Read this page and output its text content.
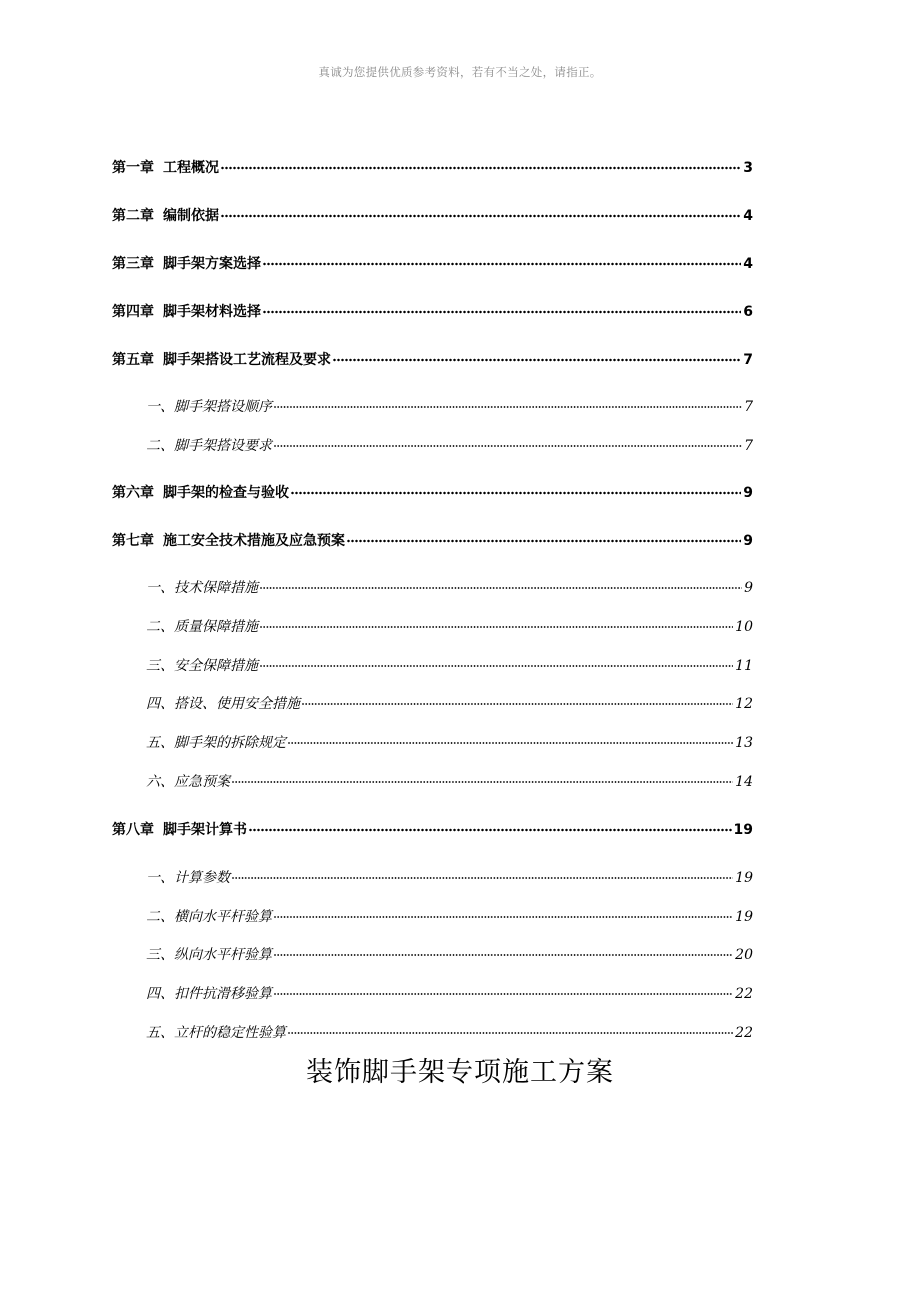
真诚为您提供优质参考资料，若有不当之处，请指正。
第一章 工程概况	3
第二章 编制依据	4
第三章 脚手架方案选择	4
第四章 脚手架材料选择	6
第五章 脚手架搭设工艺流程及要求	7
一、 脚手架搭设顺序	7
二、 脚手架搭设要求	7
第六章 脚手架的检查与验收	9
第七章 施工安全技术措施及应急预案	9
一、 技术保障措施	9
二、 质量保障措施	10
三、 安全保障措施	11
四、 搭设、使用安全措施	12
五、 脚手架的拆除规定	13
六、 应急预案	14
第八章 脚手架计算书	19
一、 计算参数	19
二、 横向水平杆验算	19
三、 纵向水平杆验算	20
四、 扣件抗滑移验算	22
五、 立杆的稳定性验算	22
装饰脚手架专项施工方案
